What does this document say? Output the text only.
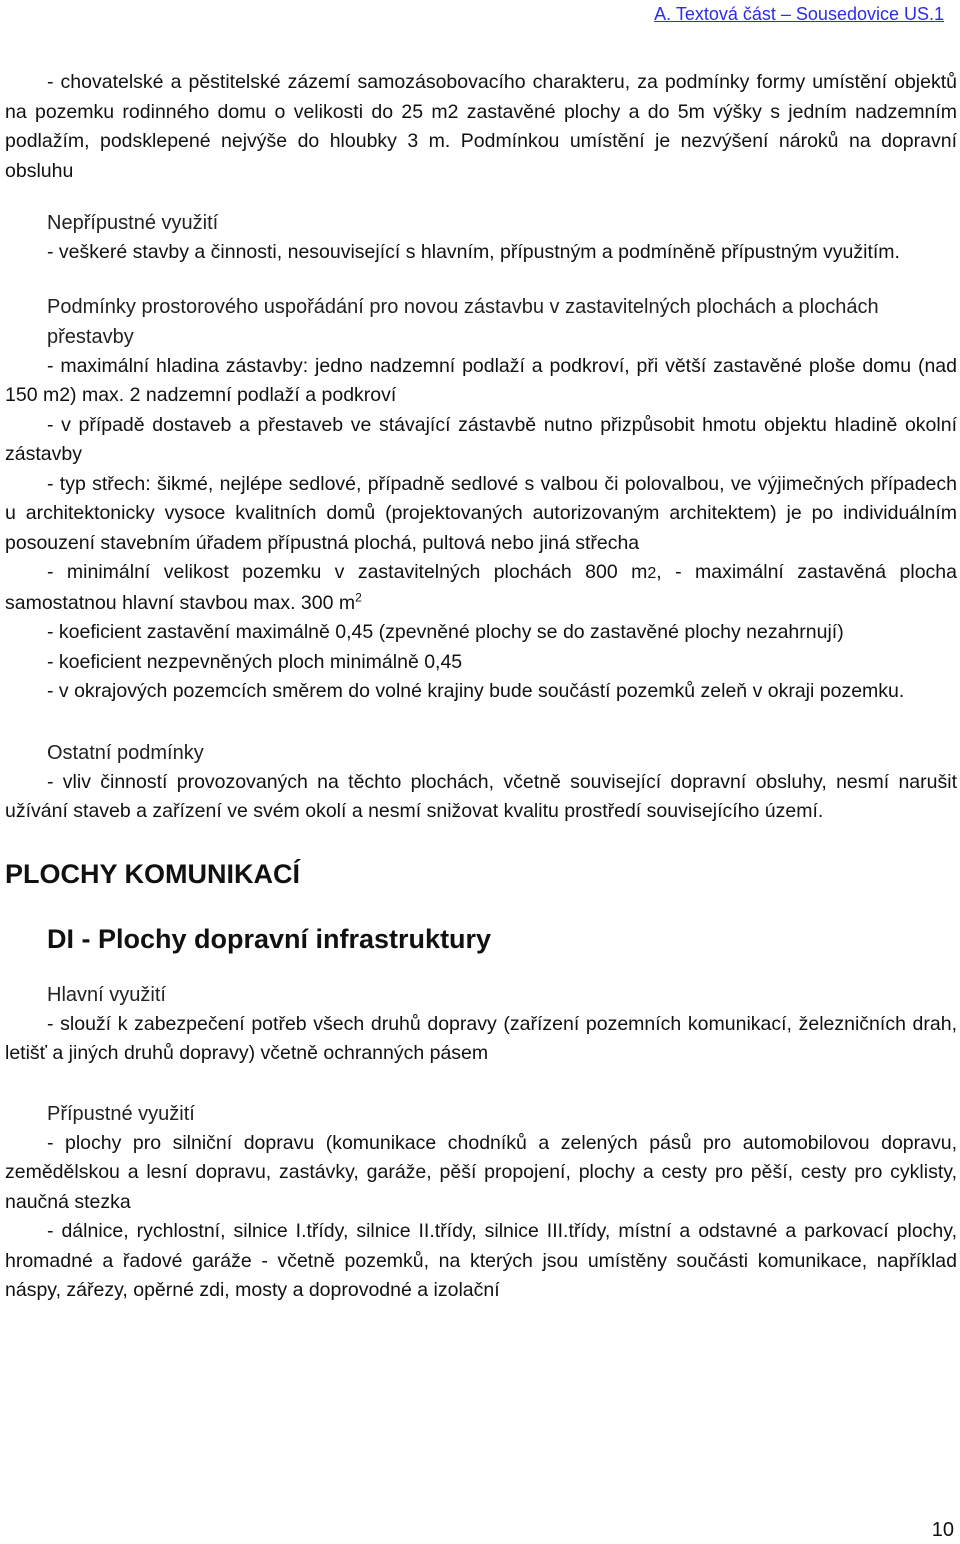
A. Textová část – Sousedovice US.1

- chovatelské a pěstitelské zázemí samozásobovacího charakteru, za podmínky formy umístění objektů na pozemku rodinného domu o velikosti do 25 m2 zastavěné plochy a do 5m výšky s jedním nadzemním podlažím, podsklepené nejvýše do hloubky 3 m. Podmínkou umístění je nezvýšení nároků na dopravní obsluhu

Nepřípustné využití

- veškeré stavby a činnosti, nesouvisející s hlavním, přípustným a podmíněně přípustným využitím.

Podmínky prostorového uspořádání pro novou zástavbu v zastavitelných plochách a plochách přestavby

- maximální hladina zástavby: jedno nadzemní podlaží a podkroví, při větší zastavěné ploše domu (nad 150 m2) max. 2 nadzemní podlaží a podkroví

- v případě dostaveb a přestaveb ve stávající zástavbě nutno přizpůsobit hmotu objektu hladině okolní zástavby

- typ střech: šikmé, nejlépe sedlové, případně sedlové s valbou či polovalbou, ve výjimečných případech u architektonicky vysoce kvalitních domů (projektovaných autorizovaným architektem) je po individuálním posouzení stavebním úřadem přípustná plochá, pultová nebo jiná střecha

- minimální velikost pozemku v zastavitelných plochách 800 m2, - maximální zastavěná plocha samostatnou hlavní stavbou max. 300 $m^2$

- koeficient zastavění maximálně 0,45 (zpevněné plochy se do zastavěné plochy nezahrnují)

- koeficient nezpevněných ploch minimálně 0,45

- v okrajových pozemcích směrem do volné krajiny bude součástí pozemků zeleň v okraji pozemku.

Ostatní podmínky

- vliv činností provozovaných na těchto plochách, včetně související dopravní obsluhy, nesmí narušit užívání staveb a zařízení ve svém okolí a nesmí snižovat kvalitu prostředí souvisejícího území.

PLOCHY KOMUNIKACÍ
DI - Plochy dopravní infrastruktury
Hlavní využití

- slouží k zabezpečení potřeb všech druhů dopravy (zařízení pozemních komunikací, železničních drah, letišť a jiných druhů dopravy) včetně ochranných pásem

Přípustné využití

- plochy pro silniční dopravu (komunikace chodníků a zelených pásů pro automobilovou dopravu, zemědělskou a lesní dopravu, zastávky, garáže, pěší propojení, plochy a cesty pro pěší, cesty pro cyklisty, naučná stezka

- dálnice, rychlostní, silnice I.třídy, silnice II.třídy, silnice III.třídy, místní a odstavné a parkovací plochy, hromadné a řadové garáže - včetně pozemků, na kterých jsou umístěny součásti komunikace, například náspy, zářezy, opěrné zdi, mosty a doprovodné a izolační

10
